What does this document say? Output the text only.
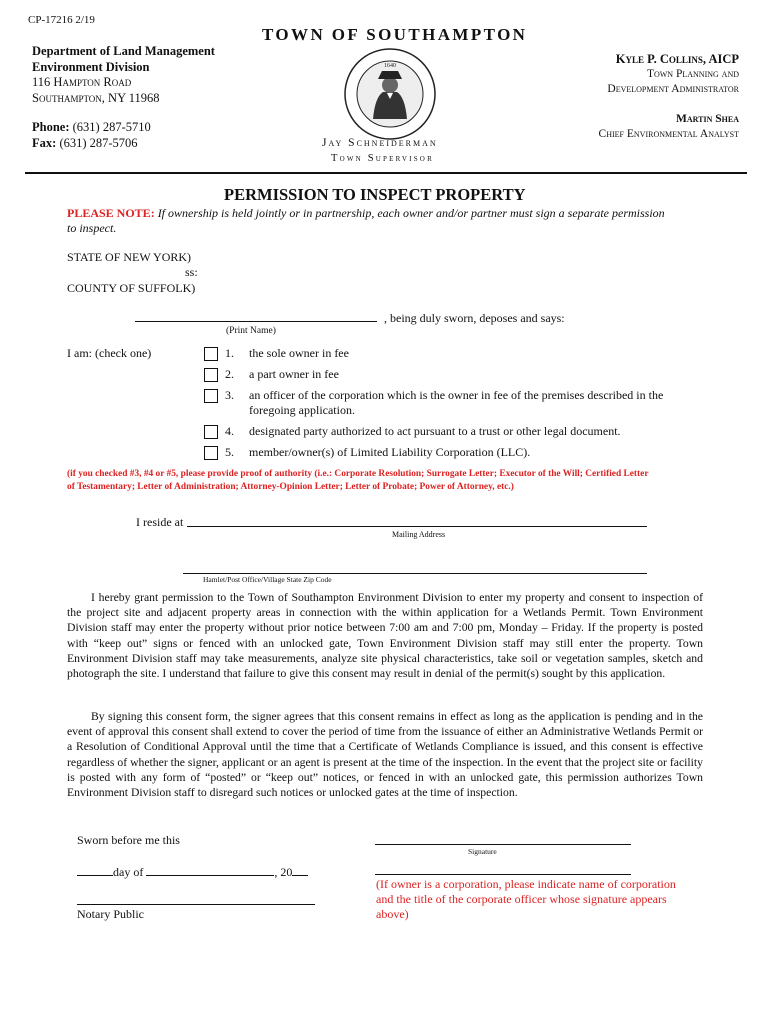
CP-17216 2/19
TOWN OF SOUTHAMPTON
Department of Land Management
Environment Division
116 Hampton Road
Southampton, NY 11968
Phone: (631) 287-5710
Fax: (631) 287-5706
1640
Jay Schneiderman
Town Supervisor
Kyle P. Collins, AICP
Town Planning and
Development Administrator
Martin Shea
Chief Environmental Analyst
PERMISSION TO INSPECT PROPERTY
PLEASE NOTE: If ownership is held jointly or in partnership, each owner and/or partner must sign a separate permission
to inspect.
STATE OF NEW YORK)
ss:
COUNTY OF SUFFOLK)
, being duly sworn, deposes and says:
(Print Name)
I am: (check one)	1. the sole owner in fee
2. a part owner in fee
3. an officer of the corporation which is the owner in fee of the premises described in the
foregoing application.
4. designated party authorized to act pursuant to a trust or other legal document.
5. member/owner(s) of Limited Liability Corporation (LLC).
(if you checked #3, #4 or #5, please provide proof of authority (i.e.: Corporate Resolution; Surrogate Letter; Executor of the Will; Certified Letter
of Testamentary; Letter of Administration; Attorney-Opinion Letter; Letter of Probate; Power of Attorney, etc.)
I reside at
Mailing Address
Hamlet/Post Office/Village State Zip Code
I hereby grant permission to the Town of Southampton Environment Division to enter my property and consent to inspection of the project site and adjacent property areas in connection with the within application for a Wetlands Permit. Town Environment Division staff may enter the property without prior notice between 7:00 am and 7:00 pm, Monday – Friday. If the property is posted with “keep out” signs or fenced with an unlocked gate, Town Environment Division staff may still enter the property. Town Environment Division staff may take measurements, analyze site physical characteristics, take soil or vegetation samples, sketch and photograph the site. I understand that failure to give this consent may result in denial of the permit(s) sought by this application.
By signing this consent form, the signer agrees that this consent remains in effect as long as the application is pending and in the event of approval this consent shall extend to cover the period of time from the issuance of either an Administrative Wetlands Permit or a Resolution of Conditional Approval until the time that a Certificate of Wetlands Compliance is issued, and this consent is effective regardless of whether the signer, applicant or an agent is present at the time of the inspection. In the event that the project site or facility is posted with any form of “posted” or “keep out” notices, or fenced in with an unlocked gate, this permission authorizes Town Environment Division staff to disregard such notices or unlocked gates at the time of inspection.
Sworn before me this
Signature
day of	, 20
(If owner is a corporation, please indicate name of corporation
and the title of the corporate officer whose signature appears
above)
Notary Public
